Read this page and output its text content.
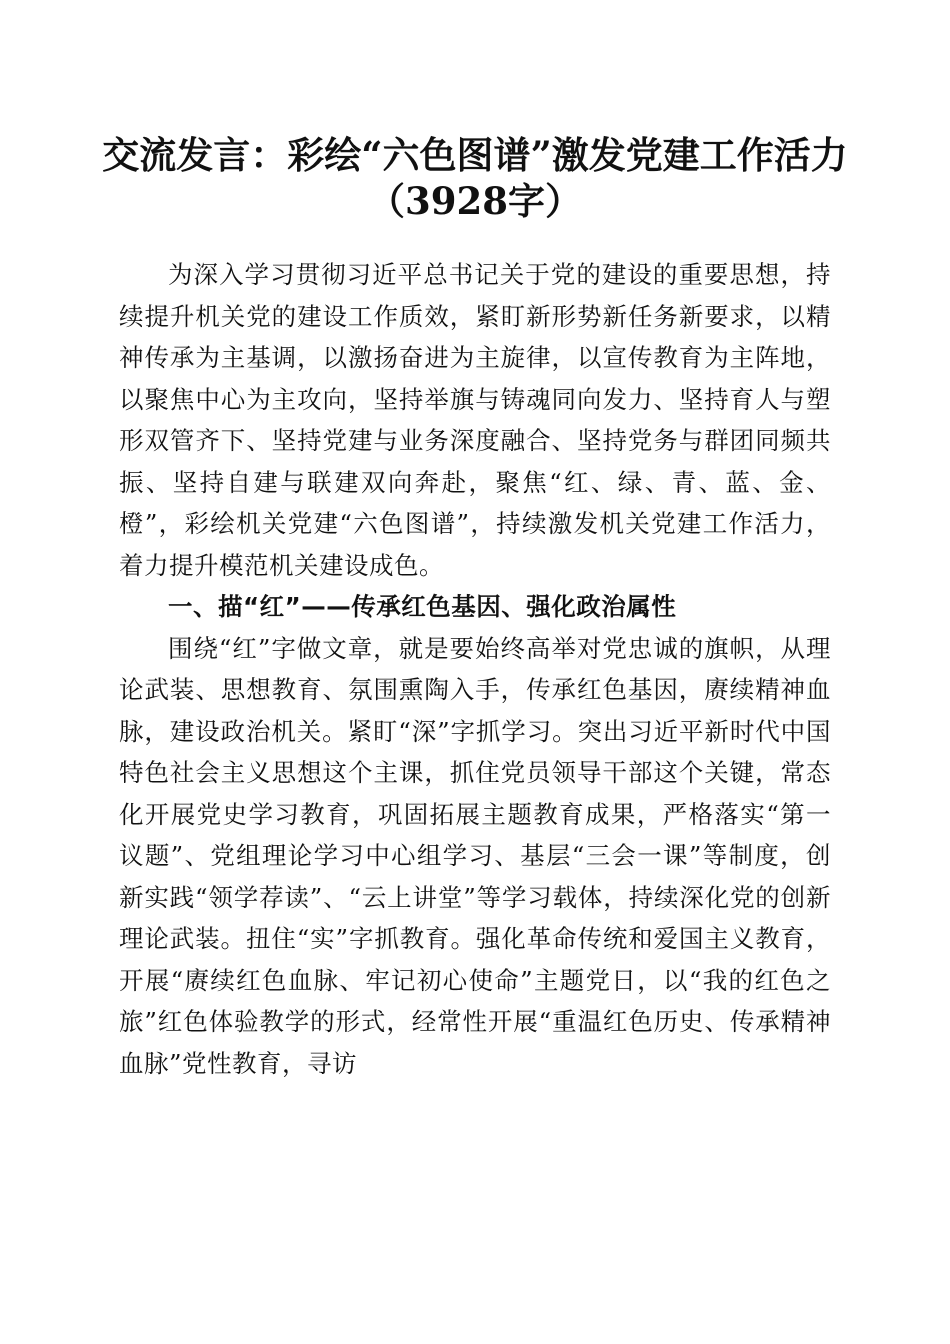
交流发言：彩绘“六色图谱”激发党建工作活力（3928字）

为深入学习贯彻习近平总书记关于党的建设的重要思想，持续提升机关党的建设工作质效，紧盯新形势新任务新要求，以精神传承为主基调，以激扬奋进为主旋律，以宣传教育为主阵地，以聚焦中心为主攻向，坚持举旗与铸魂同向发力、坚持育人与塑形双管齐下、坚持党建与业务深度融合、坚持党务与群团同频共振、坚持自建与联建双向奔赴，聚焦“红、绿、青、蓝、金、橙”，彩绘机关党建“六色图谱”，持续激发机关党建工作活力，着力提升模范机关建设成色。

一、描“红”——传承红色基因、强化政治属性

围绕“红”字做文章，就是要始终高举对党忠诚的旗帜，从理论武装、思想教育、氛围熏陶入手，传承红色基因，赓续精神血脉，建设政治机关。紧盯“深”字抓学习。突出习近平新时代中国特色社会主义思想这个主课，抓住党员领导干部这个关键，常态化开展党史学习教育，巩固拓展主题教育成果，严格落实“第一议题”、党组理论学习中心组学习、基层“三会一课”等制度，创新实践“领学荐读”、“云上讲堂”等学习载体，持续深化党的创新理论武装。扭住“实”字抓教育。强化革命传统和爱国主义教育，开展“赓续红色血脉、牢记初心使命”主题党日，以“我的红色之旅”红色体验教学的形式，经常性开展“重温红色历史、传承精神血脉”党性教育，寻访
